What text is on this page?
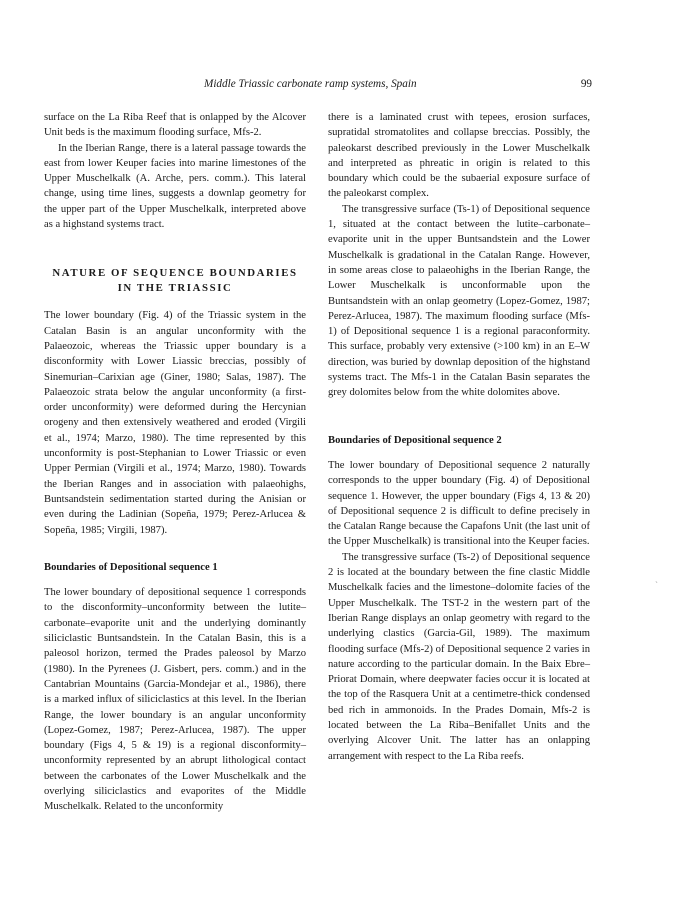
Middle Triassic carbonate ramp systems, Spain	99

surface on the La Riba Reef that is onlapped by the Alcover Unit beds is the maximum flooding surface, Mfs-2.

In the Iberian Range, there is a lateral passage towards the east from lower Keuper facies into marine limestones of the Upper Muschelkalk (A. Arche, pers. comm.). This lateral change, using time lines, suggests a downlap geometry for the upper part of the Upper Muschelkalk, interpreted above as a highstand systems tract.

NATURE OF SEQUENCE BOUNDARIES IN THE TRIASSIC

The lower boundary (Fig. 4) of the Triassic system in the Catalan Basin is an angular unconformity with the Palaeozoic, whereas the Triassic upper boundary is a disconformity with Lower Liassic breccias, possibly of Sinemurian–Carixian age (Giner, 1980; Salas, 1987). The Palaeozoic strata below the angular unconformity (a first-order unconformity) were deformed during the Hercynian orogeny and then extensively weathered and eroded (Virgili et al., 1974; Marzo, 1980). The time represented by this unconformity is post-Stephanian to Lower Triassic or even Upper Permian (Virgili et al., 1974; Marzo, 1980). Towards the Iberian Ranges and in association with palaeohighs, Buntsandstein sedimentation started during the Anisian or even during the Ladinian (Sopeña, 1979; Perez-Arlucea & Sopeña, 1985; Virgili, 1987).

Boundaries of Depositional sequence 1

The lower boundary of depositional sequence 1 corresponds to the disconformity–unconformity between the lutite–carbonate–evaporite unit and the underlying dominantly siliciclastic Buntsandstein. In the Catalan Basin, this is a paleosol horizon, termed the Prades paleosol by Marzo (1980). In the Pyrenees (J. Gisbert, pers. comm.) and in the Cantabrian Mountains (Garcia-Mondejar et al., 1986), there is a marked influx of siliciclastics at this level. In the Iberian Range, the lower boundary is an angular unconformity (Lopez-Gomez, 1987; Perez-Arlucea, 1987). The upper boundary (Figs 4, 5 & 19) is a regional disconformity–unconformity represented by an abrupt lithological contact between the carbonates of the Lower Muschelkalk and the overlying siliciclastics and evaporites of the Middle Muschelkalk. Related to the unconformity

there is a laminated crust with tepees, erosion surfaces, supratidal stromatolites and collapse breccias. Possibly, the paleokarst described previously in the Lower Muschelkalk and interpreted as phreatic in origin is related to this boundary which could be the subaerial exposure surface of the paleokarst complex.

The transgressive surface (Ts-1) of Depositional sequence 1, situated at the contact between the lutite–carbonate–evaporite unit in the upper Buntsandstein and the Lower Muschelkalk is gradational in the Catalan Range. However, in some areas close to palaeohighs in the Iberian Range, the Lower Muschelkalk is unconformable upon the Buntsandstein with an onlap geometry (Lopez-Gomez, 1987; Perez-Arlucea, 1987). The maximum flooding surface (Mfs-1) of Depositional sequence 1 is a regional paraconformity. This surface, probably very extensive (>100 km) in an E–W direction, was buried by downlap deposition of the highstand systems tract. The Mfs-1 in the Catalan Basin separates the grey dolomites below from the white dolomites above.

Boundaries of Depositional sequence 2

The lower boundary of Depositional sequence 2 naturally corresponds to the upper boundary (Fig. 4) of Depositional sequence 1. However, the upper boundary (Figs 4, 13 & 20) of Depositional sequence 2 is difficult to define precisely in the Catalan Range because the Capafons Unit (the last unit of the Upper Muschelkalk) is transitional into the Keuper facies.

The transgressive surface (Ts-2) of Depositional sequence 2 is located at the boundary between the fine clastic Middle Muschelkalk facies and the limestone–dolomite facies of the Upper Muschelkalk. The TST-2 in the western part of the Iberian Range displays an onlap geometry with regard to the underlying clastics (Garcia-Gil, 1989). The maximum flooding surface (Mfs-2) of Depositional sequence 2 varies in nature according to the particular domain. In the Baix Ebre–Priorat Domain, where deepwater facies occur it is located at the top of the Rasquera Unit at a centimetre-thick condensed bed rich in ammonoids. In the Prades Domain, Mfs-2 is located between the La Riba–Benifallet Units and the overlying Alcover Unit. The latter has an onlapping arrangement with respect to the La Riba reefs.

`
